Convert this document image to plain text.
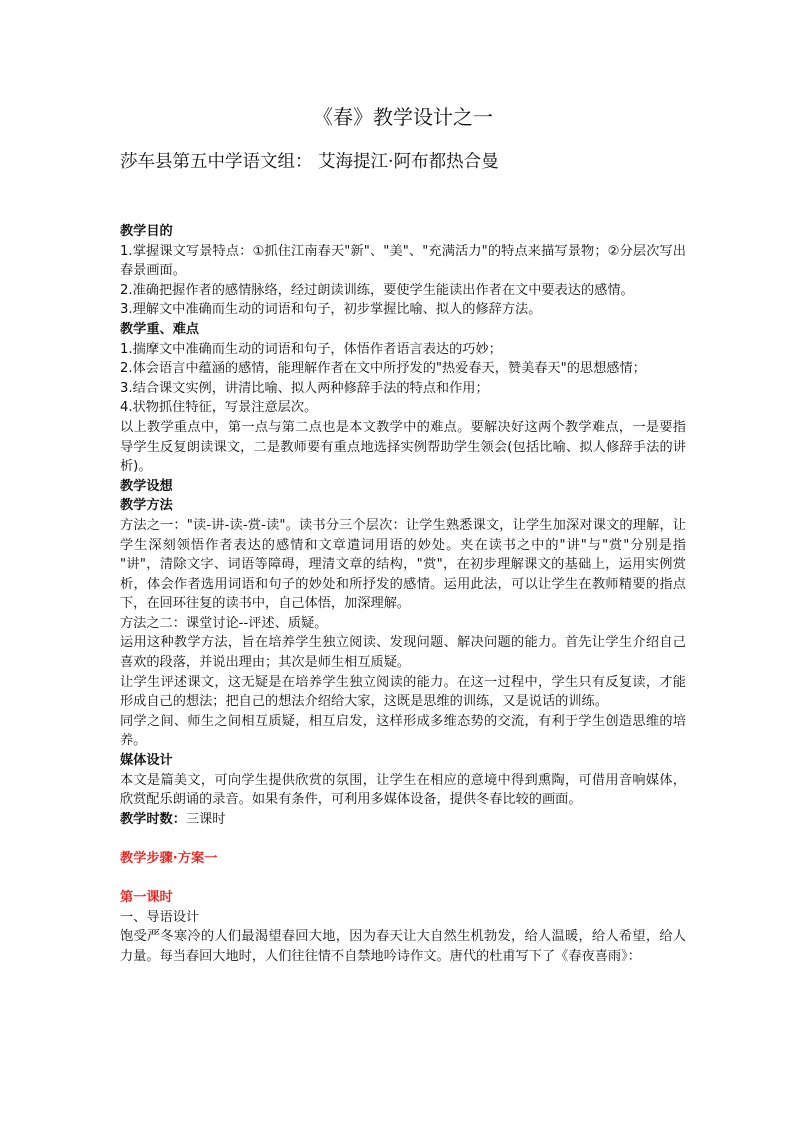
《春》教学设计之一
莎车县第五中学语文组： 艾海提江·阿布都热合曼

教学目的

1.掌握课文写景特点：①抓住江南春天"新"、"美"、"充满活力"的特点来描写景物；②分层次写出春景画面。

2.准确把握作者的感情脉络，经过朗读训练，要使学生能读出作者在文中要表达的感情。

3.理解文中准确而生动的词语和句子，初步掌握比喻、拟人的修辞方法。

教学重、难点

1.揣摩文中准确而生动的词语和句子，体悟作者语言表达的巧妙；

2.体会语言中蕴涵的感情，能理解作者在文中所抒发的"热爱春天，赞美春天"的思想感情；

3.结合课文实例，讲清比喻、拟人两种修辞手法的特点和作用；

4.状物抓住特征，写景注意层次。

以上教学重点中，第一点与第二点也是本文教学中的难点。要解决好这两个教学难点，一是要指导学生反复朗读课文，二是教师要有重点地选择实例帮助学生领会(包括比喻、拟人修辞手法的讲析)。

教学设想

教学方法

方法之一："读-讲-读-赏-读"。读书分三个层次：让学生熟悉课文，让学生加深对课文的理解，让学生深刻领悟作者表达的感情和文章遣词用语的妙处。夹在读书之中的"讲"与"赏"分别是指 "讲"，清除文字、词语等障碍，理清文章的结构，"赏"，在初步理解课文的基础上，运用实例赏析，体会作者选用词语和句子的妙处和所抒发的感情。运用此法，可以让学生在教师精要的指点下，在回环往复的读书中，自己体悟，加深理解。

方法之二：课堂讨论--评述、质疑。

运用这种教学方法，旨在培养学生独立阅读、发现问题、解决问题的能力。首先让学生介绍自己喜欢的段落，并说出理由；其次是师生相互质疑。

让学生评述课文，这无疑是在培养学生独立阅读的能力。在这一过程中，学生只有反复读，才能形成自己的想法；把自己的想法介绍给大家，这既是思维的训练，又是说话的训练。

同学之间、师生之间相互质疑，相互启发，这样形成多维态势的交流，有利于学生创造思维的培养。

媒体设计

本文是篇美文，可向学生提供欣赏的氛围，让学生在相应的意境中得到熏陶，可借用音响媒体，欣赏配乐朗诵的录音。如果有条件，可利用多媒体设备，提供冬春比较的画面。

教学时数：三课时

教学步骤·方案一

第一课时

一、导语设计

饱受严冬寒冷的人们最渴望春回大地，因为春天让大自然生机勃发，给人温暖，给人希望，给人力量。每当春回大地时，人们往往情不自禁地吟诗作文。唐代的杜甫写下了《春夜喜雨》：
